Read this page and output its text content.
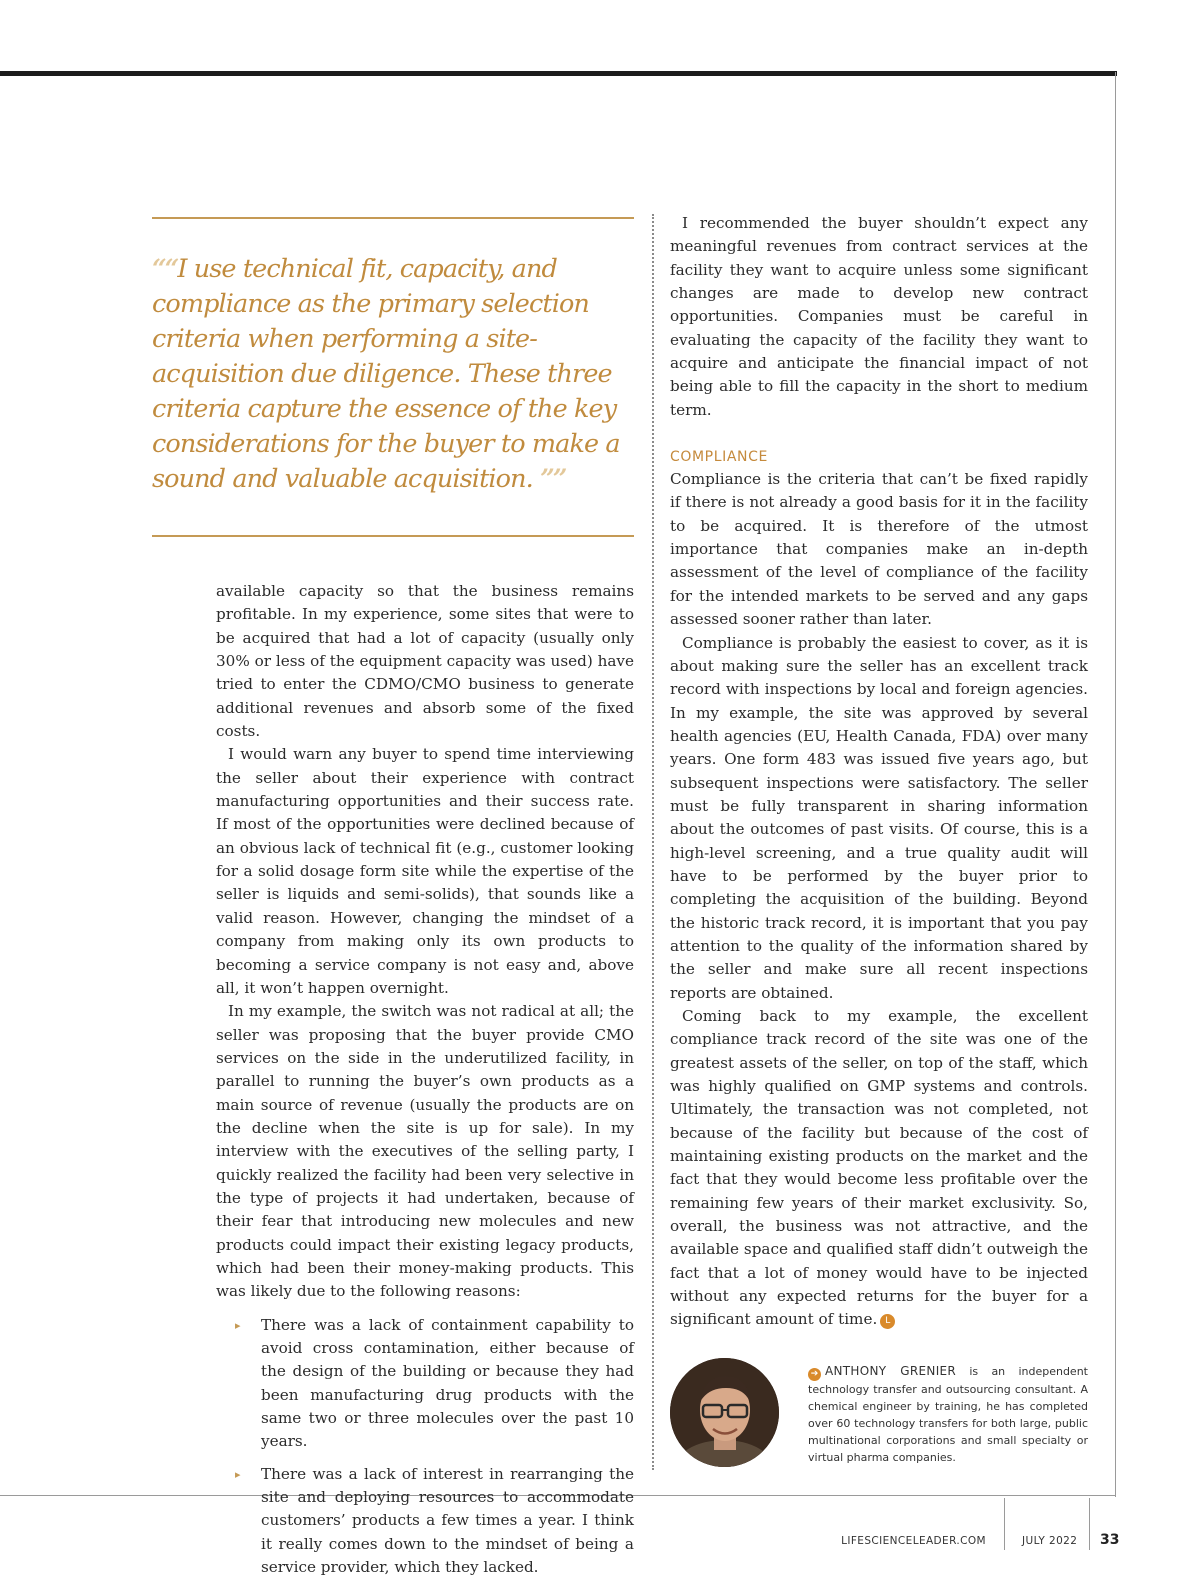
““I use technical fit, capacity, and compliance as the primary selection criteria when performing a site-acquisition due diligence. These three criteria capture the essence of the key considerations for the buyer to make a sound and valuable acquisition. ””

available capacity so that the business remains profitable. In my experience, some sites that were to be acquired that had a lot of capacity (usually only 30% or less of the equipment capacity was used) have tried to enter the CDMO/CMO business to generate additional revenues and absorb some of the fixed costs.

I would warn any buyer to spend time interviewing the seller about their experience with contract manufacturing opportunities and their success rate. If most of the opportunities were declined because of an obvious lack of technical fit (e.g., customer looking for a solid dosage form site while the expertise of the seller is liquids and semi-solids), that sounds like a valid reason. However, changing the mindset of a company from making only its own products to becoming a service company is not easy and, above all, it won’t happen overnight.

In my example, the switch was not radical at all; the seller was proposing that the buyer provide CMO services on the side in the underutilized facility, in parallel to running the buyer’s own products as a main source of revenue (usually the products are on the decline when the site is up for sale). In my interview with the executives of the selling party, I quickly realized the facility had been very selective in the type of projects it had undertaken, because of their fear that introducing new molecules and new products could impact their existing legacy products, which had been their money-making products. This was likely due to the following reasons:

▸ There was a lack of containment capability to avoid cross contamination, either because of the design of the building or because they had been manufacturing drug products with the same two or three molecules over the past 10 years.
▸ There was a lack of interest in rearranging the site and deploying resources to accommodate customers’ products a few times a year. I think it really comes down to the mindset of being a service provider, which they lacked.

I recommended the buyer shouldn’t expect any meaningful revenues from contract services at the facility they want to acquire unless some significant changes are made to develop new contract opportunities. Companies must be careful in evaluating the capacity of the facility they want to acquire and anticipate the financial impact of not being able to fill the capacity in the short to medium term.

COMPLIANCE

Compliance is the criteria that can’t be fixed rapidly if there is not already a good basis for it in the facility to be acquired. It is therefore of the utmost importance that companies make an in-depth assessment of the level of compliance of the facility for the intended markets to be served and any gaps assessed sooner rather than later.

Compliance is probably the easiest to cover, as it is about making sure the seller has an excellent track record with inspections by local and foreign agencies. In my example, the site was approved by several health agencies (EU, Health Canada, FDA) over many years. One form 483 was issued five years ago, but subsequent inspections were satisfactory. The seller must be fully transparent in sharing information about the outcomes of past visits. Of course, this is a high-level screening, and a true quality audit will have to be performed by the buyer prior to completing the acquisition of the building. Beyond the historic track record, it is important that you pay attention to the quality of the information shared by the seller and make sure all recent inspections reports are obtained.

Coming back to my example, the excellent compliance track record of the site was one of the greatest assets of the seller, on top of the staff, which was highly qualified on GMP systems and controls. Ultimately, the transaction was not completed, not because of the facility but because of the cost of maintaining existing products on the market and the fact that they would become less profitable over the remaining few years of their market exclusivity. So, overall, the business was not attractive, and the available space and qualified staff didn’t outweigh the fact that a lot of money would have to be injected without any expected returns for the buyer for a significant amount of time. L

➔ ANTHONY GRENIER is an independent technology transfer and outsourcing consultant. A chemical engineer by training, he has completed over 60 technology transfers for both large, public multinational corporations and small specialty or virtual pharma companies.
LIFESCIENCELEADER.COM	JULY 2022 33
